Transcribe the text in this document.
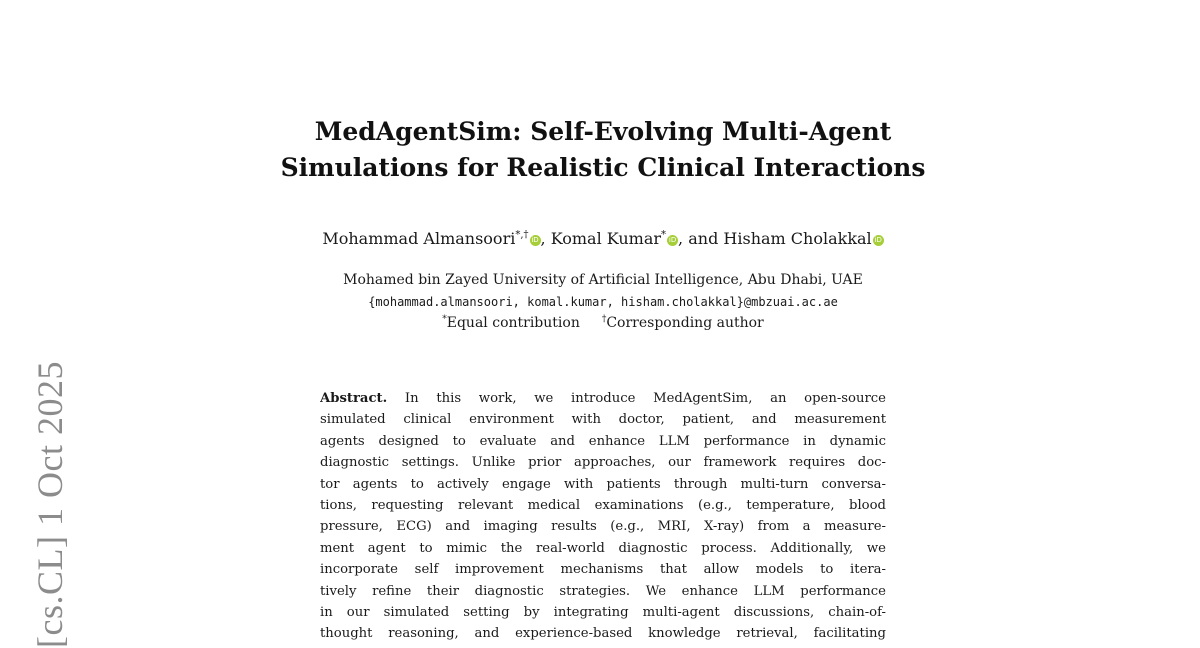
MedAgentSim: Self-Evolving Multi-Agent
Simulations for Realistic Clinical Interactions
Mohammad Almansoori*,† iD , Komal Kumar* iD , and Hisham Cholakkal iD
Mohamed bin Zayed University of Artificial Intelligence, Abu Dhabi, UAE
{mohammad.almansoori, komal.kumar, hisham.cholakkal}@mbzuai.ac.ae
*Equal contribution †Corresponding author
Abstract. In this work, we introduce MedAgentSim, an open-source
simulated clinical environment with doctor, patient, and measurement
agents designed to evaluate and enhance LLM performance in dynamic
diagnostic settings. Unlike prior approaches, our framework requires doc-
tor agents to actively engage with patients through multi-turn conversa-
tions, requesting relevant medical examinations (e.g., temperature, blood
pressure, ECG) and imaging results (e.g., MRI, X-ray) from a measure-
ment agent to mimic the real-world diagnostic process. Additionally, we
incorporate self improvement mechanisms that allow models to itera-
tively refine their diagnostic strategies. We enhance LLM performance
in our simulated setting by integrating multi-agent discussions, chain-of-
thought reasoning, and experience-based knowledge retrieval, facilitating
[cs.CL] 1 Oct 2025
